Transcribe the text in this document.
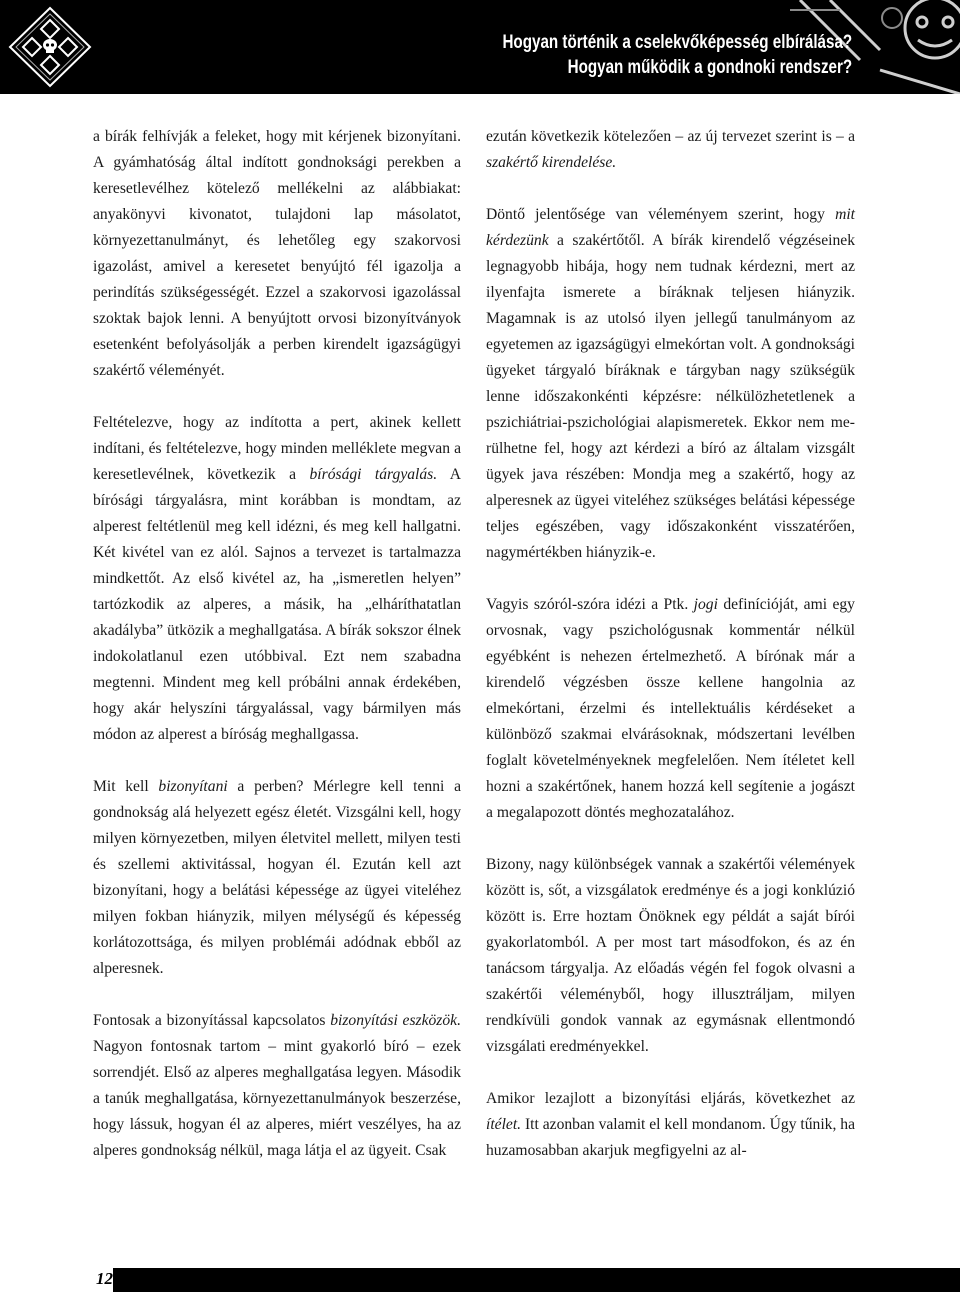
Hogyan történik a cselekvőképesség elbírálása?
Hogyan működik a gondnoki rendszer?

a bírák felhívják a feleket, hogy mit kérjenek bizonyítani. A gyámhatóság által indított gondnoksági perekben a keresetlevélhez kötelező mellékelni az alábbiakat: anyakönyvi kivonatot, tulajdoni lap másolatot, környezettanulmányt, és lehetőleg egy szakorvosi igazolást, amivel a keresetet benyújtó fél igazolja a perindítás szükségességét. Ezzel a szakorvosi igazolással szoktak bajok lenni. A benyújtott orvosi bizonyítványok esetenként befolyásolják a perben kirendelt igazságügyi szakértő véleményét.

Feltételezve, hogy az indította a pert, akinek kellett indítani, és feltételezve, hogy minden melléklete megvan a keresetlevélnek, következik a bírósági tárgyalás. A bírósági tárgyalásra, mint korábban is mondtam, az alperest feltétlenül meg kell idézni, és meg kell hallgatni. Két kivétel van ez alól. Sajnos a tervezet is tartalmazza mindkettőt. Az első kivétel az, ha „ismeretlen helyen” tartózkodik az alperes, a másik, ha „elháríthatatlan akadályba” ütközik a meghallgatása. A bírák sokszor élnek indokolatlanul ezen utóbbival. Ezt nem szabadna megtenni. Mindent meg kell próbálni annak érdekében, hogy akár helyszíni tárgyalással, vagy bármilyen más módon az alperest a bíróság meghallgassa.

Mit kell bizonyítani a perben? Mérlegre kell tenni a gondnokság alá helyezett egész életét. Vizsgálni kell, hogy milyen környezetben, milyen életvitel mellett, milyen testi és szellemi aktivitással, hogyan él. Ezután kell azt bizonyítani, hogy a belátási képessége az ügyei viteléhez milyen fokban hiányzik, milyen mélységű és képesség korlátozottsága, és milyen problémái adódnak ebből az alperesnek.

Fontosak a bizonyítással kapcsolatos bizonyítási eszközök. Nagyon fontosnak tartom – mint gyakorló bíró – ezek sorrendjét. Első az alperes meghallgatása legyen. Második a tanúk meghallgatása, környezettanulmányok beszerzése, hogy lássuk, hogyan él az alperes, miért veszélyes, ha az alperes gondnokság nélkül, maga látja el az ügyeit. Csak

ezután következik kötelezően – az új tervezet szerint is – a szakértő kirendelése.

Döntő jelentősége van véleményem szerint, hogy mit kérdezünk a szakértőtől. A bírák kirendelő végzéseinek legnagyobb hibája, hogy nem tudnak kérdezni, mert az ilyenfajta ismerete a bíráknak teljesen hiányzik. Magamnak is az utolsó ilyen jellegű tanulmányom az egyetemen az igazságügyi elmekórtan volt. A gondnoksági ügyeket tárgyaló bíráknak e tárgyban nagy szükségük lenne időszakonkénti képzésre: nélkülözhetetlenek a pszichiátriai-pszichológiai alapismeretek. Ekkor nem merülhetne fel, hogy azt kérdezi a bíró az általam vizsgált ügyek java részében: Mondja meg a szakértő, hogy az alperesnek az ügyei viteléhez szükséges belátási képessége teljes egészében, vagy időszakonként visszatérően, nagymértékben hiányzik-e.

Vagyis szóról-szóra idézi a Ptk. jogi definícióját, ami egy orvosnak, vagy pszichológusnak kommentár nélkül egyébként is nehezen értelmezhető. A bírónak már a kirendelő végzésben össze kellene hangolnia az elmekórtani, érzelmi és intellektuális kérdéseket a különböző szakmai elvárásoknak, módszertani levélben foglalt követelményeknek megfelelően. Nem ítéletet kell hozni a szakértőnek, hanem hozzá kell segítenie a jogászt a megalapozott döntés meghozatalához.

Bizony, nagy különbségek vannak a szakértői vélemények között is, sőt, a vizsgálatok eredménye és a jogi konklúzió között is. Erre hoztam Önöknek egy példát a saját bírói gyakorlatomból. A per most tart másodfokon, és az én tanácsom tárgyalja. Az előadás végén fel fogok olvasni a szakértői véleményből, hogy illusztráljam, milyen rendkívüli gondok vannak az egymásnak ellentmondó vizsgálati eredményekkel.

Amikor lezajlott a bizonyítási eljárás, következhet az ítélet. Itt azonban valamit el kell mondanom. Úgy tűnik, ha huzamosabban akarjuk megfigyelni az al-

12
